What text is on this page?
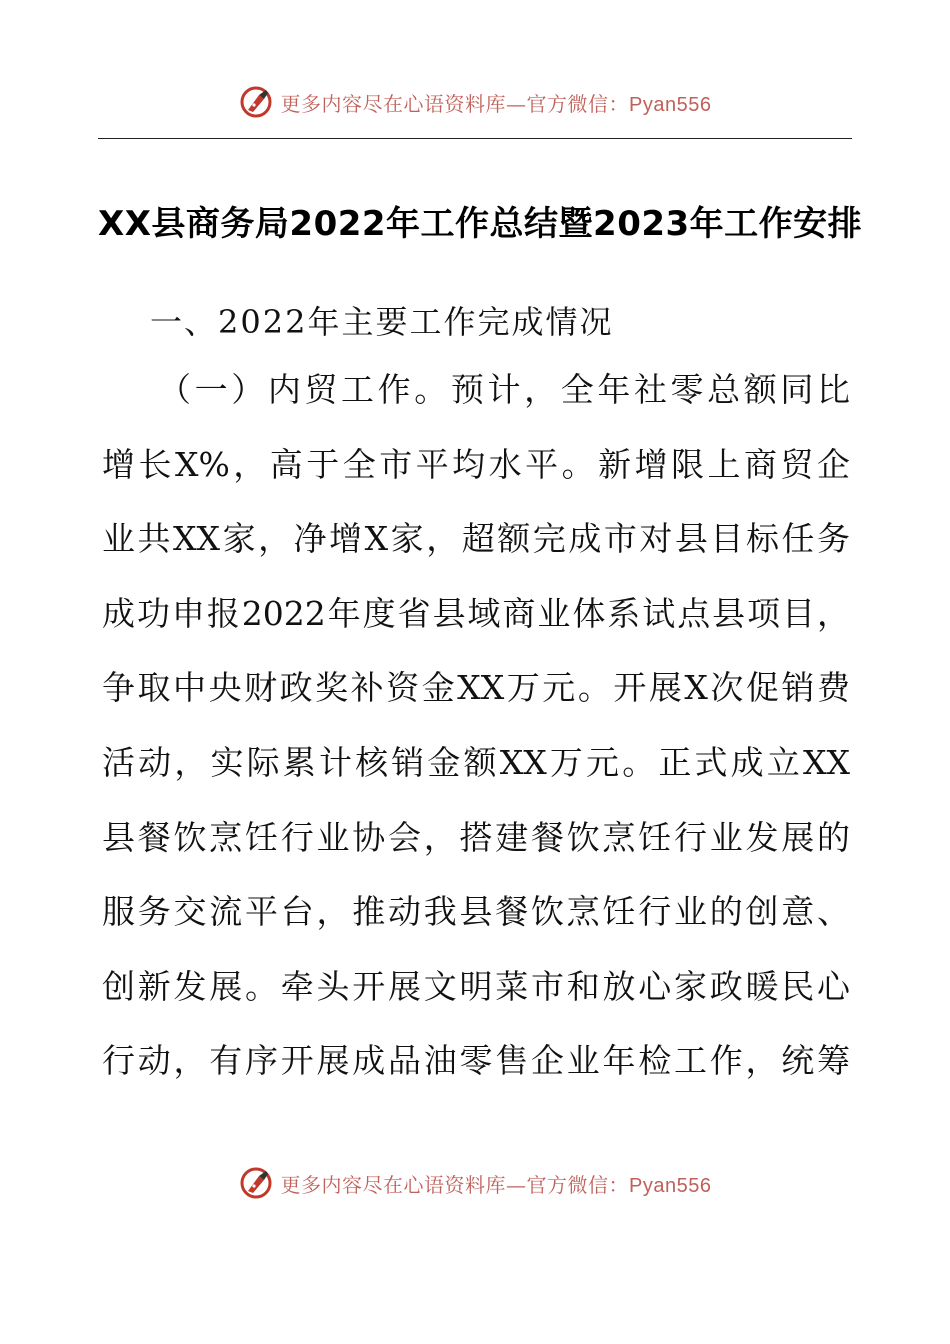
更多内容尽在心语资料库—官方微信：Pyan556
XX县商务局2022年工作总结暨2023年工作安排
一、2022年主要工作完成情况
（一）内贸工作。预计，全年社零总额同比
增长X%，高于全市平均水平。新增限上商贸企
业共XX家，净增X家，超额完成市对县目标任务
成功申报2022年度省县域商业体系试点县项目，
争取中央财政奖补资金XX万元。开展X次促销费
活动，实际累计核销金额XX万元。正式成立XX
县餐饮烹饪行业协会，搭建餐饮烹饪行业发展的
服务交流平台，推动我县餐饮烹饪行业的创意、
创新发展。牵头开展文明菜市和放心家政暖民心
行动，有序开展成品油零售企业年检工作，统筹
更多内容尽在心语资料库—官方微信：Pyan556
